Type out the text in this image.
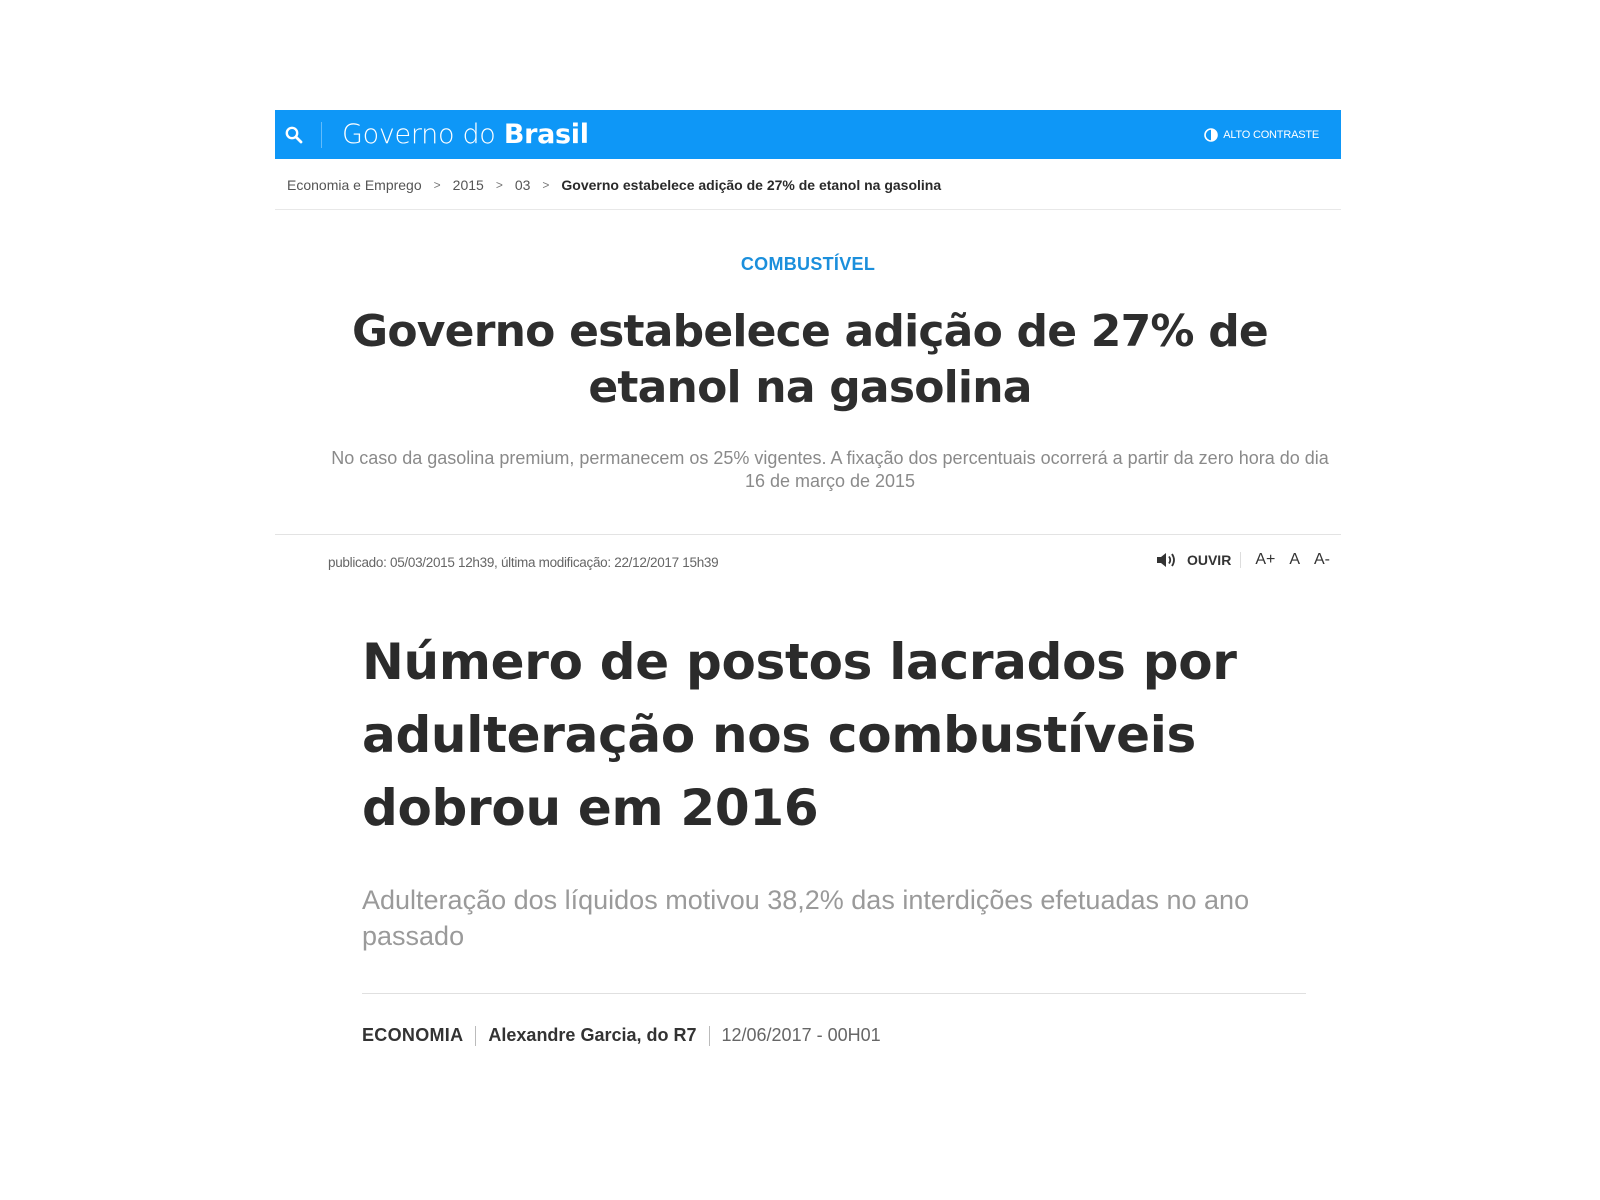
Governo do Brasil	ALTO CONTRASTE
Economia e Emprego > 2015 > 03 > Governo estabelece adição de 27% de etanol na gasolina
COMBUSTÍVEL
Governo estabelece adição de 27% de etanol na gasolina

No caso da gasolina premium, permanecem os 25% vigentes. A fixação dos percentuais ocorrerá a partir da zero hora do dia 16 de março de 2015

publicado: 05/03/2015 12h39, última modificação: 22/12/2017 15h39	OUVIR A+ A A-
Número de postos lacrados por adulteração nos combustíveis dobrou em 2016

Adulteração dos líquidos motivou 38,2% das interdições efetuadas no ano passado

ECONOMIA Alexandre Garcia, do R7 12/06/2017 - 00H01
